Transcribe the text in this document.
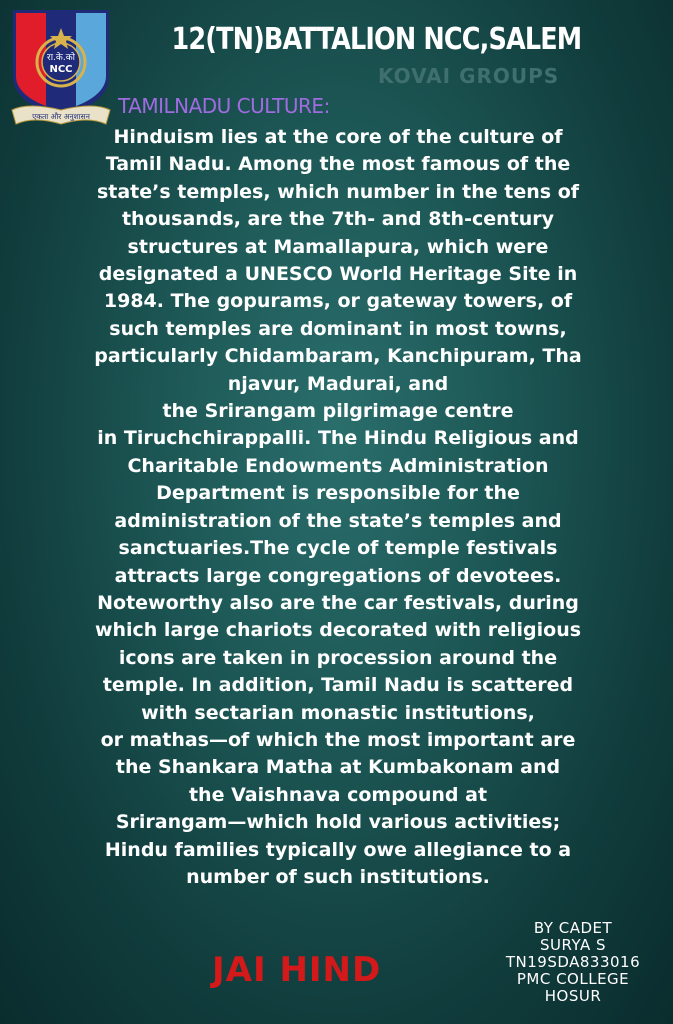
रा.के.को
NCC
एकता और अनुशासन
12(TN)BATTALION NCC,SALEM
KOVAI GROUPS
TAMILNADU CULTURE:
Hinduism lies at the core of the culture of
Tamil Nadu. Among the most famous of the
state’s temples, which number in the tens of
thousands, are the 7th- and 8th-century
structures at Mamallapura, which were
designated a UNESCO World Heritage Site in
1984. The gopurams, or gateway towers, of
such temples are dominant in most towns,
particularly Chidambaram, Kanchipuram, Tha
njavur, Madurai, and
the Srirangam pilgrimage centre
in Tiruchchirappalli. The Hindu Religious and
Charitable Endowments Administration
Department is responsible for the
administration of the state’s temples and
sanctuaries.The cycle of temple festivals
attracts large congregations of devotees.
Noteworthy also are the car festivals, during
which large chariots decorated with religious
icons are taken in procession around the
temple. In addition, Tamil Nadu is scattered
with sectarian monastic institutions,
or mathas—of which the most important are
the Shankara Matha at Kumbakonam and
the Vaishnava compound at
Srirangam—which hold various activities;
Hindu families typically owe allegiance to a
number of such institutions.
JAI HIND
BY CADET
SURYA S
TN19SDA833016
PMC COLLEGE
HOSUR
